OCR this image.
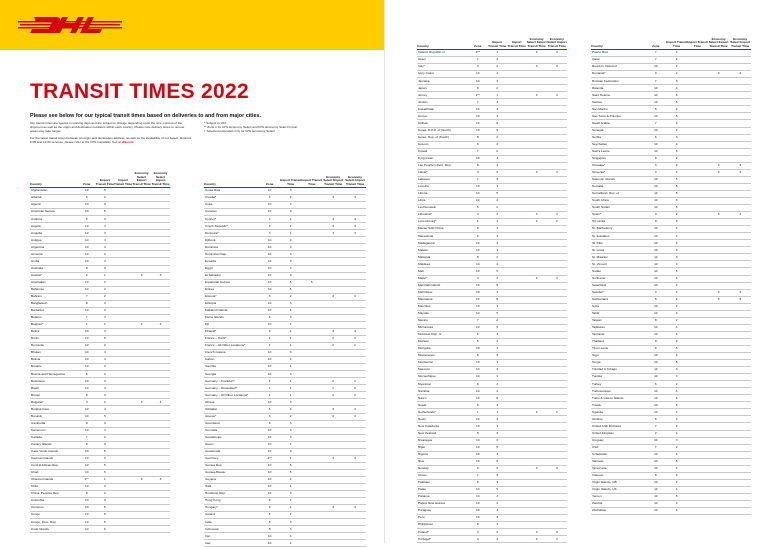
TRANSIT TIMES 2022
Please see below for our typical transit times based on deliveries to and from major cities.

Our transit times are quoted in working days and are subject to change depending upon the size, content of the shipment as well as the origin and destination locations within each country. Please note delivery times to remote areas may take longer.

For the latest transit times between an origin and destination address, as well as the availability of our Select, Express 9:00 and 12:00 services, please refer to the DHL Capability Tool at dhl.com

* Subject to VAT
** Zone 1 for DHL Economy Select and DHL Economy Select Import
† Selected postcodes only for DHL Economy Select
Country	Zone	Export Transit Time	Import Transit Time	Economy Select Export Transit Time	Economy Select Import Transit Time
Afghanistan	10	5			
Albania	6	2			
Algeria	10	3			
American Samoa	10	5			
Andorra	5	3			
Angola	10	4			
Anguilla	10	3			
Antigua	10	3			
Argentina	10	3			
Armenia	10	3			
Aruba	10	4			
Australia	8	3			
Austria*	2	1		3	3
Azerbaijan	10	2			
Bahamas	10	2			
Bahrain	7	2			
Bangladesh	8	3			
Barbados	10	3			
Belarus	7	4			
Belgium*	1	1		2	2
Belize	10	3			
Benin	10	5			
Bermuda	10	2			
Bhutan	10	4			
Bolivia	10	4			
Bonaire	10	3			
Bosnia and Herzegovina	6	3			
Botswana	10	3			
Brazil	10	4			
Brunei	8	3			
Bulgaria*	3	2		3	4
Burkina Faso	10	4			
Burundi	10	5			
Cambodia	8	3			
Cameroon	10	4			
Canada	7	2			
Canary Islands	6	3			
Cape Verde Islands	10	5			
Cayman Islands	10	3			
Central African Rep.	10	5			
Chad	10	5			
Channel Islands	2**	1		3	3
Chile	10	3			
China, Peoples Rep.	8	2			
Colombia	10	3			
Comoros	10	5			
Congo	10	5			
Congo, Dem. Rep.	10	5			
Cook Islands	10	6			
Country	Zone	Export Transit Time	Import Transit Time	Economy Select Export Transit Time	Economy Select Import Transit Time
Costa Rica	10	3			
Croatia*	3	2		3	4
Cuba	10	3			
Curacao	10	3			
Cyprus*	3	2		4	4
Czech Republic*	3	2		3	3
Denmark*	3	1		3	3
Djibouti	10	4			
Dominica	10	3			
Dominican Rep.	10	3			
Ecuador	10	3			
Egypt	10	3			
El Salvador	10	3			
Equatorial Guinea	10	5	5		
Eritrea	10	5			
Estonia*	3	2		3	4
Ethiopia	10	3			
Falkland Islands	10	6			
Faroe Islands	6	3			
Fiji	10	4			
Finland*	3	2		3	4
France – Paris*	1	1		2	2
France – All Other Locations*	1	1		2	2
French Guiana	10	4			
Gabon	10	4			
Gambia	10	4			
Georgia	10	3			
Germany – Frankfurt*	1	1		2	2
Germany – Dusseldorf*	1	1		2	2
Germany – All Other Locations*	1	1		2	2
Ghana	10	3			
Gibraltar	6	3		3	3
Greece*	3	2		3	4
Greenland	6	3			
Grenada	10	3			
Guadeloupe	10	3			
Guam	10	4			
Guatemala	10	3			
Guernsey	2**	1		3	3
Guinea Rep.	10	5			
Guinea-Bissau	10	5			
Guyana	10	4			
Haiti	10	4			
Honduras Rep.	10	3			
Hong Kong	8	2			
Hungary*	3	2		3	3
Iceland	6	2			
India	8	3			
Indonesia	8	3			
Iran	10	4			
Iraq	10	4			
Country	Zone	Export Transit Time	Import Transit Time	Economy Select Export Transit Time	Economy Select Import Transit Time
Ireland, Republic of	2**	1		2	3
Israel	7	2			
Italy*	3	2		3	3
Ivory Coast	10	4			
Jamaica	10	3			
Japan	8	2			
Jersey	2**	1		3	3
Jordan	7	3			
Kazakhstan	10	3			
Kenya	10	3			
Kiribati	10	6			
Korea, D.P.R. of (North)	10	5			
Korea, Rep. of (South)	8	2			
Kosovo	6	3			
Kuwait	7	2			
Kyrgyzstan	10	4			
Lao People's Dem. Rep.	8	4			
Latvia*	3	2		3	4
Lebanon	7	3			
Lesotho	10	4			
Liberia	10	5			
Libya	10	4			
Liechtenstein	5	2			
Lithuania*	3	2		3	4
Luxembourg*	1	1		2	2
Macau SAR China	8	3			
Macedonia	6	3			
Madagascar	10	4			
Malawi	10	4			
Malaysia	8	2			
Maldives	10	4			
Mali	10	5			
Malta*	3	2		4	4
Marshall Islands	10	5			
Martinique	10	3			
Mauritania	10	5			
Mauritius	10	4			
Mayotte	10	5			
Mexico	7	2			
Micronesia	10	5			
Moldova, Rep. of	6	3			
Monaco	5	2			
Mongolia	10	4			
Montenegro	6	3			
Montserrat	10	4			
Morocco	10	3			
Mozambique	10	4			
Myanmar	8	4			
Namibia	10	4			
Nauru	10	6			
Nepal	8	3			
Netherlands*	1	1		2	2
Nevis	10	4			
New Caledonia	10	4			
New Zealand	8	3			
Nicaragua	10	3			
Niger	10	5			
Nigeria	10	3			
Niue	10	6			
Norway	6	2		3	3
Oman	7	3			
Pakistan	8	3			
Palau	10	5			
Panama	10	3			
Papua New Guinea	10	4			
Paraguay	10	4			
Peru	10	3			
Philippines	8	3			
Poland*	3	2		3	3
Portugal*	3	2		3	3
Country	Zone	Export Transit Time	Import Transit Time	Economy Select Export Transit Time	Economy Select Import Transit Time
Puerto Rico	7	3			
Qatar	7	2			
Reunion, Island of	10	4			
Romania*	3	2		3	4
Russian Federation	7	3			
Rwanda	10	4			
Saint Helena	10	6			
Samoa	10	5			
San Marino	5	2			
Sao Tome & Principe	10	5			
Saudi Arabia	7	3			
Senegal	10	4			
Serbia	6	3			
Seychelles	10	4			
Sierra Leone	10	5			
Singapore	8	2			
Slovakia*	3	2		3	3
Slovenia*	3	2		3	4
Solomon Islands	10	5			
Somalia	10	5			
Somaliland, Rep. of	10	5			
South Africa	10	3			
South Sudan	10	5			
Spain*	3	2		3	3
Sri Lanka	8	3			
St. Barthelemy	10	4			
St. Eustatius	10	4			
St. Kitts	10	4			
St. Lucia	10	3			
St. Maarten	10	3			
St. Vincent	10	3			
Sudan	10	5			
Suriname	10	4			
Swaziland	10	4			
Sweden*	3	2		3	3
Switzerland	5	2		3	3
Syria	10	4			
Tahiti	10	4			
Taiwan	8	2			
Tajikistan	10	4			
Tanzania	10	4			
Thailand	8	2			
Timor-Leste	8	5			
Togo	10	4			
Tonga	10	5			
Trinidad & Tobago	10	3			
Tunisia	10	3			
Turkey	6	2			
Turkmenistan	10	4			
Turks & Caicos Islands	10	4			
Tuvalu	10	6			
Uganda	10	4			
Ukraine	6	3			
United Arab Emirates	7	2			
United Kingdom	2	1			
Uruguay	10	3			
USA	7	2			
Uzbekistan	10	4			
Vanuatu	10	5			
Venezuela	10	4			
Vietnam	8	3			
Virgin Islands, GB	10	4			
Virgin Islands, US	10	4			
Yemen	10	5			
Zambia	10	4			
Zimbabwe	10	4			
